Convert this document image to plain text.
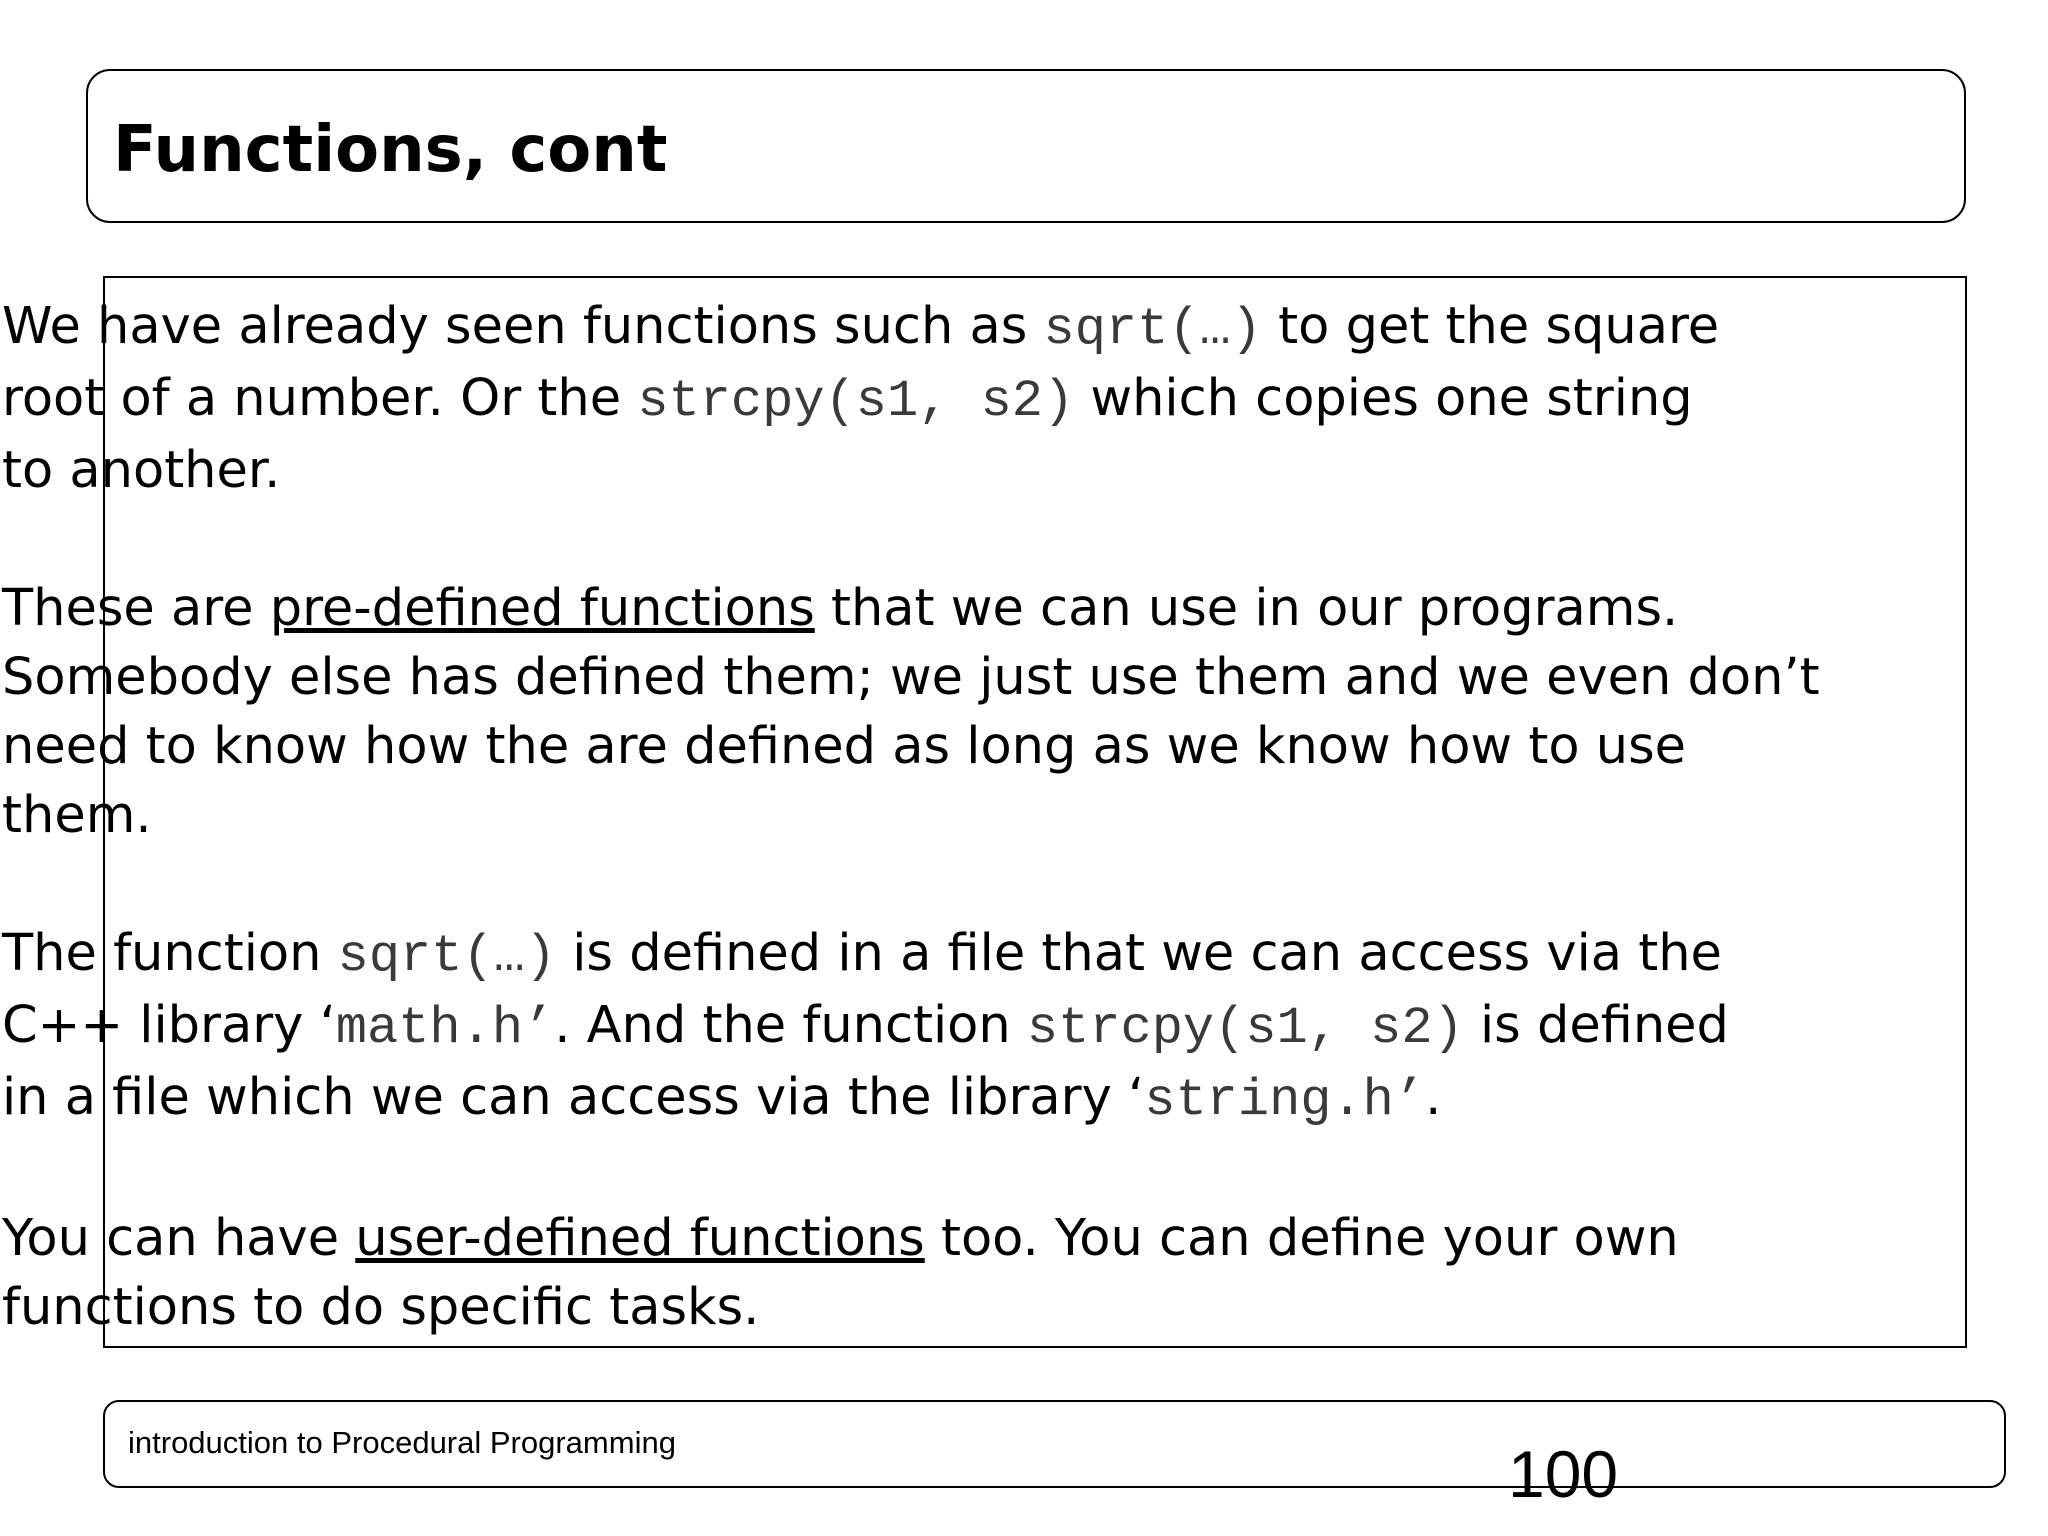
Functions, cont

We have already seen functions such as sqrt(…) to get the square
root of a number. Or the strcpy(s1, s2) which copies one string
to another.

These are pre-defined functions that we can use in our programs.
Somebody else has defined them; we just use them and we even don’t
need to know how the are defined as long as we know how to use
them.

The function sqrt(…) is defined in a file that we can access via the
C++ library ‘math.h’. And the function strcpy(s1, s2) is defined
in a file which we can access via the library ‘string.h’.

You can have user-defined functions too. You can define your own
functions to do specific tasks.

introduction to Procedural Programming	100
